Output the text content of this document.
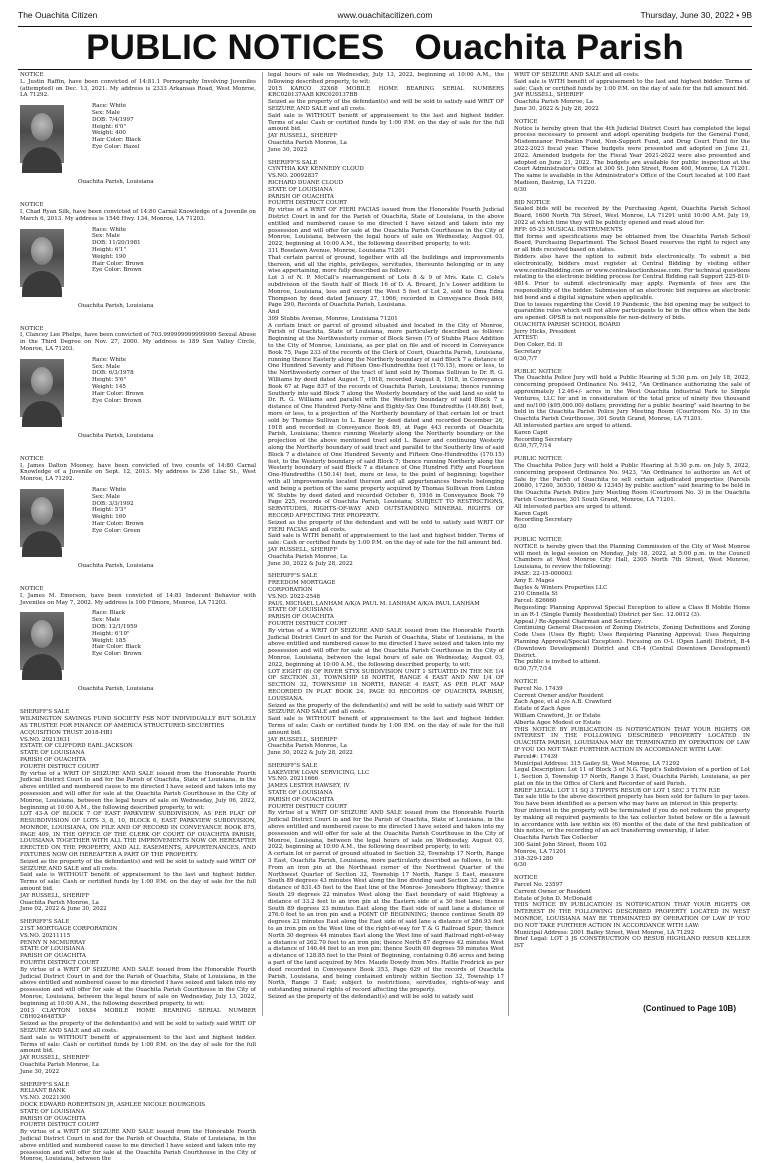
The Ouachita Citizen	www.ouachitacitizen.com	Thursday, June 30, 2022 • 9B
PUBLIC NOTICES Ouachita Parish

NOTICE
L. Justin Raffin, have been convicted of 14:81.1 Pornography Involving Juveniles (attempted) on Dec. 13, 2021. My address is 2333 Arkansas Road, West Monroe, LA 71292.

Race: White
Sex: Male
DOB: 7/4/1997
Height: 6'0"
Weight: 400
Hair Color: Black
Eye Color: Hazel
Ouachita Parish, Louisiana

NOTICE
I, Chad Ryan Silk, have been convicted of 14:80 Carnal Knowledge of a Juvenile on March 6, 2013. My address is 1546 Hwy. 134, Monroe, LA 71203.

Race: White
Sex: Male
DOB: 11/20/1981
Height: 6'1"
Weight: 190
Hair Color: Brown
Eye Color: Brown
Ouachita Parish, Louisiana

NOTICE
I, Clancey Lee Phelps, have been convicted of 703.999999999999999 Sexual Abuse in the Third Degree on Nov. 27, 2000. My address is 189 Sun Valley Circle, Monroe, LA 71203.

Race: White
Sex: Male
DOB: 6/3/1978
Height: 5'6"
Weight: 145
Hair Color: Brown
Eye Color: Brown
Ouachita Parish, Louisiana

NOTICE
I, James Dalton Mooney, have been convicted of two counts of 14:80 Carnal Knowledge of a Juvenile on Sept. 12, 2013. My address is 236 Lilac St., West Monroe, LA 71292.

Race: White
Sex: Male
DOB: 3/3/1992
Height: 5'3"
Weight: 160
Hair Color: Brown
Eye Color: Green
Ouachita Parish, Louisiana

NOTICE
I, James M. Emerson, have been convicted of 14:81 Indecent Behavior with Juveniles on May 7, 2002. My address is 100 Filmore, Monroe, LA 71203.

Race: Black
Sex: Male
DOB: 12/1/1959
Height: 6'10"
Weight: 185
Hair Color: Black
Eye Color: Brown
Ouachita Parish, Louisiana

SHERIFF'S SALE
WILMINGTON SAVINGS FUND SOCIETY FSB NOT INDIVIDUALLY BUT SOLELY AS TRUSTEE FOR FINANCE OF AMERICA STRUCTURED SECURITIES
ACQUISITION TRUST 2018-HB1
VS.NO. 20213631
ESTATE OF CLIFFORD EARL JACKSON
STATE OF LOUISIANA
PARISH OF OUACHITA
FOURTH DISTRICT COURT
By virtue of a WRIT OF SEIZURE AND SALE issued from the Honorable Fourth Judicial District Court in and for the Parish of Ouachita, State of Louisiana, in the above entitled and numbered cause to me directed I have seized and taken into my possession and will offer for sale at the Ouachita Parish Courthouse in the City of Monroe, Louisiana, between the legal hours of sale on Wednesday, July 06, 2022, beginning at 10:00 A.M., the following described property, to wit:
LOT 43-A OF BLOCK 7 OF EAST PARKVIEW SUBDIVISION, AS PER PLAT OF RESUBDIVISION OF LOTS 3, 8, 10, BLOCK 6, EAST PARKVIEW SUBDIVISION, MONROE, LOUISIANA, ON FILE AND OF RECORD IN CONVEYANCE BOOK 875, PAGE 409, IN THE OFFICE OF THE CLERK OF COURT OF OUACHITA PARISH, LOUISIANA TOGETHER WITH ALL THE IMPROVEMENTS NOW OR HEREAFTER ERECTED ON THE PROPERTY, AND ALL EASEMENTS, APPURTENANCES, AND FIXTURES NOW OR HEREAFTER A PART OF THE PROPERTY.
Seized as the property of the defendant(s) and will be sold to satisfy said WRIT OF SEIZURE AND SALE and all costs.
Said sale is WITHOUT benefit of appraisement to the last and highest bidder. Terms of sale: Cash or certified funds by 1:00 P.M. on the day of sale for the full amount bid.
JAY RUSSELL, SHERIFF
Ouachita Parish Monroe, La
June 02, 2022 & June 30, 2022

SHERIFF'S SALE
21ST MORTGAGE CORPORATION
VS.NO. 20211115
PENNY N MCMURRAY
STATE OF LOUISIANA
PARISH OF OUACHITA
FOURTH DISTRICT COURT
By virtue of a WRIT OF SEIZURE AND SALE issued from the Honorable Fourth Judicial District Court in and for the Parish of Ouachita, State of Louisiana, in the above entitled and numbered cause to me directed I have seized and taken into my possession and will offer for sale at the Ouachita Parish Courthouse in the City of Monroe, Louisiana, between the legal hours of sale on Wednesday, July 13, 2022, beginning at 10:00 A.M., the following described property, to wit:
2013 CLAYTON 16X84 MOBILE HOME BEARING SERIAL NUMBER CBH024648TXP
Seized as the property of the defendant(s) and will be sold to satisfy said WRIT OF SEIZURE AND SALE and all costs.
Said sale is WITHOUT benefit of appraisement to the last and highest bidder. Terms of sale: Cash or certified funds by 1:00 P.M. on the day of sale for the full amount bid.
JAY RUSSELL, SHERIFF
Ouachita Parish Monroe, La
June 30, 2022

SHERIFF'S SALE
RELIANT BANK
VS.NO. 20221300
DOCK EDWARD ROBERTSON JR, ASHLEE NICOLE BOURGEOIS
STATE OF LOUISIANA
PARISH OF OUACHITA
FOURTH DISTRICT COURT
By virtue of a WRIT OF SEIZURE AND SALE issued from the Honorable Fourth Judicial District Court in and for the Parish of Ouachita, State of Louisiana, in the above entitled and numbered cause to me directed I have seized and taken into my possession and will offer for sale at the Ouachita Parish Courthouse in the City of Monroe, Louisiana, between the

legal hours of sale on Wednesday, July 13, 2022, beginning at 10:00 A.M., the following described property, to wit:
2015 KARCO 32X68 MOBILE HOME BEARING SERIAL NUMBERS KRC020137AAB KRC020137BB
Seized as the property of the defendant(s) and will be sold to satisfy said WRIT OF SEIZURE AND SALE and all costs.
Said sale is WITHOUT benefit of appraisement to the last and highest bidder. Terms of sale: Cash or certified funds by 1:00 P.M. on the day of sale for the full amount bid.
JAY RUSSELL, SHERIFF
Ouachita Parish Monroe, La
June 30, 2022

SHERIFF'S SALE
CYNTHIA KAY KENNEDY CLOUD
VS.NO. 20092837
RICHARD DUANE CLOUD
STATE OF LOUISIANA
PARISH OF OUACHITA
FOURTH DISTRICT COURT
By virtue of a WRIT OF FIERI FACIAS issued from the Honorable Fourth Judicial District Court in and for the Parish of Ouachita, State of Louisiana, in the above entitled and numbered cause to me directed I have seized and taken into my possession and will offer for sale at the Ouachita Parish Courthouse in the City of Monroe, Louisiana, between the legal hours of sale on Wednesday, August 03, 2022, beginning at 10:00 A.M., the following described property, to wit:
311 Roselawn Avenue, Monroe, Louisiana 71201
That certain parcel of ground, together with all the buildings and improvements thereon, and all the rights, privileges, servitudes, thereunto belonging or in any wise appertaining, more fully described as follows:
Lot 3 of N. P. McCall's rearrangement of Lots 8 & 9 of Mrs. Kate C. Cole's subdivision of the South half of Block 16 of D. A. Breard, Jr.'s Lower addition to Monroe, Louisiana, less and except the West 5 feet of Lot 2, sold to Oma Edna Thompson by deed dated January 27, 1966, recorded in Conveyance Book 849, Page 290, Records of Ouachita Parish, Louisiana.
And
309 Stubbs Avenue, Monroe, Louisiana 71201
A certain tract or parcel of ground situated and located in the City of Monroe, Parish of Ouachita, State of Louisiana, more particularly described as follows: Beginning at the Northwesterly corner of Block Seven (7) of Stubbs Place Addition to the City of Monroe, Louisiana, as per plat on file and of record in Conveyance Book 75, Page 233 of the records of the Clerk of Court, Ouachita Parish, Louisiana, running thence Easterly along the Northerly boundary of said Block 7 a distance of One Hundred Seventy and Fifteen One-Hundredths feet (170.15), more or less, to the Northwesterly corner of the tract of land sold by Thomas Sullivan to Dr. R. G. Williams by deed dated August 7, 1918, recorded August 8, 1918, in Conveyance Book 67 at Page 837 of the records of Ouachita Parish, Louisiana; thence running Southerly into said Block 7 along the Westerly boundary of the said land so sold to Dr. R. G. Williams and parallel with the Westerly boundary of said Block 7 a distance of One Hundred Forty-Nine and Eighty-Six One Hundredths (149.86) feet, more or less, to a projection of the Northerly boundary of that certain lot or tract sold by Thomas Sullivan to L. Bauer by deed dated and recorded December 26, 1918 and recorded in Conveyance Book 89, at Page 443 records of Ouachita Parish, Louisiana; thence running Westerly along the Northerly boundary or the projection of the above mentioned tract sold L. Bauer and continuing Westerly along the Northerly boundary of said tract and parallel to the Southerly line of said Block 7 a distance of One Hundred Seventy and Fifteen One-Hundredths (170.15) feet, to the Westerly boundary of said Block 7; thence running Northerly along the Westerly boundary of said Block 7 a distance of One Hundred Fifty and Fourteen One-Hundredths (150.14) feet, more or less, to the point of beginning; together with all improvements located thereon and all appurtenances thereto belonging and being a portion of the same property acquired by Thomas Sullivan from Linton W. Stubbs by deed dated and recorded October 6, 1916 in Conveyance Book 79 Page 225, records of Ouachita Parish, Louisiana; SUBJECT TO RESTRICTIONS, SERVITUDES, RIGHTS-OF-WAY AND OUTSTANDING MINERAL RIGHTS OF RECORD AFFECTING THE PROPERTY.
Seized as the property of the defendant and will be sold to satisfy said WRIT OF FIERI FACIAS and all costs.
Said sale is WITH benefit of appraisement to the last and highest bidder. Terms of sale: Cash or certified funds by 1:00 P.M. on the day of sale for the full amount bid.
JAY RUSSELL, SHERIFF
Ouachita Parish Monroe, La
June 30, 2022 & July 28, 2022

SHERIFF'S SALE
FREEDOM MORTGAGE
CORPORATION
VS.NO. 2022-2548
PAUL MICHAEL LANHAM A/K/A PAUL M. LANHAM A/K/A PAUL LANHAM
STATE OF LOUISIANA
PARISH OF OUACHITA
FOURTH DISTRICT COURT
By virtue of a WRIT OF SEIZURE AND SALE issued from the Honorable Fourth Judicial District Court in and for the Parish of Ouachita, State of Louisiana, in the above entitled and numbered cause to me directed I have seized and taken into my possession and will offer for sale at the Ouachita Parish Courthouse in the City of Monroe, Louisiana, between the legal hours of sale on Wednesday, August 03, 2022, beginning at 10:00 A.M., the following described property, to wit:
LOT EIGHT (8) OF RIVER STYX SUBDIVISION UNIT 1 SITUATED IN THE NE 1/4 OF SECTION 31, TOWNSHIP 18 NORTH, RANGE 4 EAST AND NW 1/4 OF SECTION 32, TOWNSHIP 18 NORTH, RANGE 4 EAST, AS PER PLAT MAP RECORDED IN PLAT BOOK 24, PAGE 93 RECORDS OF OUACHITA PARISH, LOUISIANA.
Seized as the property of the defendant(s) and will be sold to satisfy said WRIT OF SEIZURE AND SALE and all costs.
Said sale is WITHOUT benefit of appraisement to the last and highest bidder. Terms of sale: Cash or certified funds by 1:00 P.M. on the day of sale for the full amount bid.
JAY RUSSELL, SHERIFF
Ouachita Parish Monroe, La
June 30, 2022 & July 28, 2022

SHERIFF'S SALE
LAKEVIEW LOAN SERVICING, LLC
VS.NO. 20211666
JAMES LESTER HAWSEY, IV
STATE OF LOUISIANA
PARISH OF OUACHITA
FOURTH DISTRICT COURT
By virtue of a WRIT OF SEIZURE AND SALE issued from the Honorable Fourth Judicial District Court in and for the Parish of Ouachita, State of Louisiana, in the above entitled and numbered cause to me directed I have seized and taken into my possession and will offer for sale at the Ouachita Parish Courthouse in the City of Monroe, Louisiana, between the legal hours of sale on Wednesday, August 03, 2022, beginning at 10:00 A.M., the following described property, to wit:
A certain lot or parcel of ground situated in Section 32, Township 17 North, Range 3 East, Ouachita Parish, Louisiana, more particularly described as follows, to wit: From an iron pin at the Northeast corner of the Northwest Quarter of the Northwest Quarter of Section 32, Township 17 North, Range 3 East, measure South 89 degrees 43 minutes West along the line dividing said Section 32 and 29 a distance of 831.45 feet to the East line of the Monroe- Jonesboro Highway; thence South 29 degrees 22 minutes West along the East boundary of said Highway a distance of 33.2 feet to an iron pin at the Eastern side of a 30 foot lane; thence South 89 degrees 23 minutes East along the East side of said lane a distance of 276.0 feet to an iron pin and a POINT OF BEGINNING; thence continue South 89 degrees 23 minutes East along the East side of said lane a distance of 286.93 feet to an iron pin on the West line of the right-of-way for T & G Railroad Spur; thence North 30 degrees 44 minutes East along the West line of said Railroad right-of-way a distance of 262.70 feet to an iron pin; thence North 87 degrees 42 minutes West a distance of 146.44 feet to an iron pin; thence South 60 degrees 59 minutes West a distance of 128.85 feet to the Point of Beginning, containing 0.86 acres and being a part of the land acquired by Mrs. Maude Dowdy from Mrs. Hattie Fredrick as per deed recorded in Conveyance Book 353, Page 629 of the records of Ouachita Parish, Louisiana, and being contained entirely within Section 32, Township 17 North, Range 3 East; subject to restrictions, servitudes, rights-of-way and outstanding mineral rights of record affecting the property.
Seized as the property of the defendant(s) and will be sold to satisfy said

WRIT OF SEIZURE AND SALE and all costs.
Said sale is WITH benefit of appraisement to the last and highest bidder. Terms of sale: Cash or certified funds by 1:00 P.M. on the day of sale for the full amount bid.
JAY RUSSELL, SHERIFF
Ouachita Parish Monroe, La
June 30, 2022 & July 28, 2022

NOTICE
Notice is hereby given that the 4th Judicial District Court has completed the legal process necessary to present and adopt operating budgets for the General Fund, Misdemeanor Probation Fund, Non-Support Fund, and Drug Court Fund for the 2022-2023 fiscal year. These budgets were presented and adopted on June 21, 2022. Amended budgets for the Fiscal Year 2021-2022 were also presented and adopted on June 21, 2022. The budgets are available for public inspection at the Court Administrator's Office at 300 St. John Street, Room 400, Monroe, LA 71201. The same is available in the Administrator's Office of the Court located at 100 East Madison, Bastrop, LA 71220.
6/30

BID NOTICE
Sealed bids will be received by the Purchasing Agent, Ouachita Parish School Board, 1600 North 7th Street, West Monroe, LA 71291 until 10:00 A.M. July 19, 2022 at which time they will be publicly opened and read aloud for:
RFP: 05-23 MUSICAL INSTRUMENTS
Bid forms and specifications may be obtained from the Ouachita Parish School Board, Purchasing Department. The School Board reserves the right to reject any or all bids received based on status.
Bidders also have the option to submit bids electronically. To submit a bid electronically, bidders must register at Central Bidding by visiting either www.centralbidding.com or www.centralauctionhouse.com. For technical questions relating to the electronic bidding process for Central Bidding call Support 225-810-4814. Prior to submit electronically may apply. Payments of fees are the responsibility of the bidder. Submission of an electronic bid requires an electronic bid bond and a digital signature when applicable.
Due to issues regarding the Covid 19 Pandemic, the bid opening may be subject to quarantine rules which will not allow participants to be in the office when the bids are opened. OPSB is not responsible for non-delivery of bids.
OUACHITA PARISH SCHOOL BOARD
Jerry Hicks, President
ATTEST:
Don Coker, Ed. D
Secretary
6/30,7/7

PUBLIC NOTICE
The Ouachita Police Jury will hold a Public Hearing at 5:30 p.m. on July 18, 2022, concerning proposed Ordinance No. 9412, "An Ordinance authorizing the sale of approximately 12.46+/- acres in the West Ouachita Industrial Park to Simple Ventures, LLC for and in consideration of the total price of ninety five thousand and no/100 ($95,000.00) dollars; providing for a public hearing" said hearing to be held in the Ouachita Parish Police Jury Meeting Room (Courtroom No. 3) in the Ouachita Parish Courthouse, 301 South Grand, Monroe, LA 71201.
All interested parties are urged to attend.
Karen Capit
Recording Secretary
6/30,7/7,7/14

PUBLIC NOTICE
The Ouachita Police Jury will hold a Public Hearing at 5:30 p.m. on July 5, 2022, concerning proposed Ordinance No. 9423, "An Ordinance to authorize an Act of Sale by the Parish of Ouachita to sell certain adjudicated properties (Parcels 20680, 17260, 36530, 18690 & 12345) by public auction" said hearing to be held in the Ouachita Parish Police Jury Meeting Room (Courtroom No. 3) in the Ouachita Parish Courthouse, 301 South Grand, Monroe, LA 71201.
All interested parties are urged to attend.
Karen Capit
Recording Secretary
6/30

PUBLIC NOTICE
NOTICE is hereby given that the Planning Commission of the City of West Monroe will meet in legal session on Monday, July 18, 2022, at 5:00 p.m. in the Council Chambers at West Monroe City Hall, 2305 North 7th Street, West Monroe, Louisiana, to review the following:
PASE: 22-15-000003
Amy E. Mages
Bayles & Winters Properties LLC
210 Cinnella St
Parcel: 826660
Requesting: Planning Approval Special Exception to allow a Class B Mobile Home in an R-1 (Single Family Residential) District per Sec. 12.0012 (3).
Appeal / Re-Appoint Chairman and Secretary.
Continuing General Discussion of Zoning Districts, Zoning Definitions and Zoning Code Uses (Uses By Right; Uses Requiring Planning Approval; Uses Requiring Planning Approval/Special Exception). Focusing on O-L (Open Land) District, B-4 (Downtown Development) District and CB-4 (Central Downtown Development) District.
The public is invited to attend.
6/30,7/7,7/14

NOTICE
Parcel No. 17439
Current Owner and/or Resident
Zach Agee, et al c/o A.B. Crawford
Estate of Zach Agee
William Crawford, Jr. or Estate
Alberta Agee Modest or Estate
THIS NOTICE BY PUBLICATION IS NOTIFICATION THAT YOUR RIGHTS OR INTEREST IN THE FOLLOWING DESCRIBED PROPERTY LOCATED IN OUACHITA PARISH, LOUISIANA MAY BE TERMINATED BY OPERATION OF LAW IF YOU DO NOT TAKE FURTHER ACTION IN ACCORDANCE WITH LAW:
Parcel#: 17439
Municipal Address: 315 Gailey St, West Monroe, LA 71292
Legal Description: Lot 11 of Block 3 of N.G. Tippit's Subdivision of a portion of Lot 1, Section 3, Township 17 North, Range 3 East, Ouachita Parish, Louisiana, as per plat on file in the Office of Clerk and Recorder of said Parish.
BRIEF LEGAL: LOT 11 SQ 3 TIPPITS RESUB OF LOT 1 SEC 3 T17N R3E
Tax sale title to the above described property has been sold for failure to pay taxes. You have been identified as a person who may have an interest in this property.
Your interest in the property will be terminated if you do not redeem the property by making all required payments to the tax collector listed below or file a lawsuit in accordance with law within six (6) months of the date of the first publication of this notice, or the recording of an act transferring ownership, if later.
Ouachita Parish Tax Collector
300 Saint John Street, Room 102
Monroe, LA 71201
318-329-1280
6/30

NOTICE
Parcel No. 23597
Current Owner or Resident
Estate of John D. McDonald
THIS NOTICE BY PUBLICATION IS NOTIFICATION THAT YOUR RIGHTS OR INTEREST IN THE FOLLOWING DESCRIBED PROPERTY LOCATED IN WEST MONROE, LOUISIANA MAY BE TERMINATED BY OPERATION OF LAW IF YOU DO NOT TAKE FURTHER ACTION IN ACCORDANCE WITH LAW:
Municipal Address: 2001 Bailey Street, West Monroe, LA 71292
Brief Legal: LOT 3 JS CONSTRUCTION CO RESUB HIGHLAND RESUB KELLER IST

(Continued to Page 10B)
